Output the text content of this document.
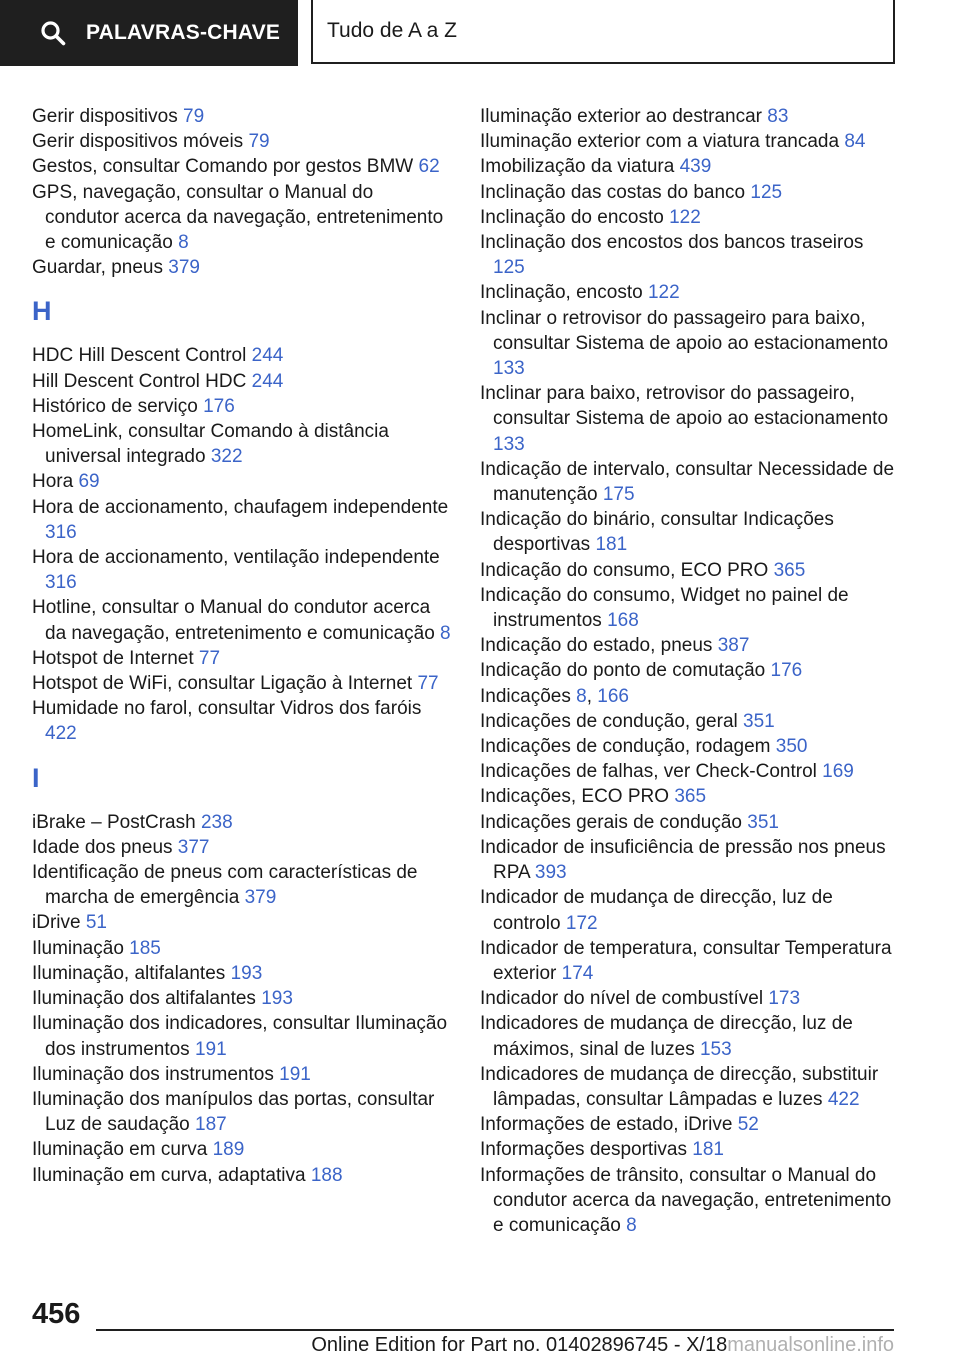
PALAVRAS-CHAVE Tudo de A a Z
Gerir dispositivos 79
Gerir dispositivos móveis 79
Gestos, consultar Comando por gestos BMW 62
GPS, navegação, consultar o Manual do condutor acerca da navegação, entretenimento e comunicação 8
Guardar, pneus 379
H
HDC Hill Descent Control 244
Hill Descent Control HDC 244
Histórico de serviço 176
HomeLink, consultar Comando à distância universal integrado 322
Hora 69
Hora de accionamento, chaufagem independente 316
Hora de accionamento, ventilação independente 316
Hotline, consultar o Manual do condutor acerca da navegação, entretenimento e comunicação 8
Hotspot de Internet 77
Hotspot de WiFi, consultar Ligação à Internet 77
Humidade no farol, consultar Vidros dos faróis 422
I
iBrake – PostCrash 238
Idade dos pneus 377
Identificação de pneus com características de marcha de emergência 379
iDrive 51
Iluminação 185
Iluminação, altifalantes 193
Iluminação dos altifalantes 193
Iluminação dos indicadores, consultar Iluminação dos instrumentos 191
Iluminação dos instrumentos 191
Iluminação dos manípulos das portas, consultar Luz de saudação 187
Iluminação em curva 189
Iluminação em curva, adaptativa 188
Iluminação exterior ao destrancar 83
Iluminação exterior com a viatura trancada 84
Imobilização da viatura 439
Inclinação das costas do banco 125
Inclinação do encosto 122
Inclinação dos encostos dos bancos traseiros 125
Inclinação, encosto 122
Inclinar o retrovisor do passageiro para baixo, consultar Sistema de apoio ao estacionamento 133
Inclinar para baixo, retrovisor do passageiro, consultar Sistema de apoio ao estacionamento 133
Indicação de intervalo, consultar Necessidade de manutenção 175
Indicação do binário, consultar Indicações desportivas 181
Indicação do consumo, ECO PRO 365
Indicação do consumo, Widget no painel de instrumentos 168
Indicação do estado, pneus 387
Indicação do ponto de comutação 176
Indicações 8, 166
Indicações de condução, geral 351
Indicações de condução, rodagem 350
Indicações de falhas, ver Check-Control 169
Indicações, ECO PRO 365
Indicações gerais de condução 351
Indicador de insuficiência de pressão nos pneus RPA 393
Indicador de mudança de direcção, luz de controlo 172
Indicador de temperatura, consultar Temperatura exterior 174
Indicador do nível de combustível 173
Indicadores de mudança de direcção, luz de máximos, sinal de luzes 153
Indicadores de mudança de direcção, substituir lâmpadas, consultar Lâmpadas e luzes 422
Informações de estado, iDrive 52
Informações desportivas 181
Informações de trânsito, consultar o Manual do condutor acerca da navegação, entretenimento e comunicação 8
456
Online Edition for Part no. 01402896745 - X/18manualsonline.info
